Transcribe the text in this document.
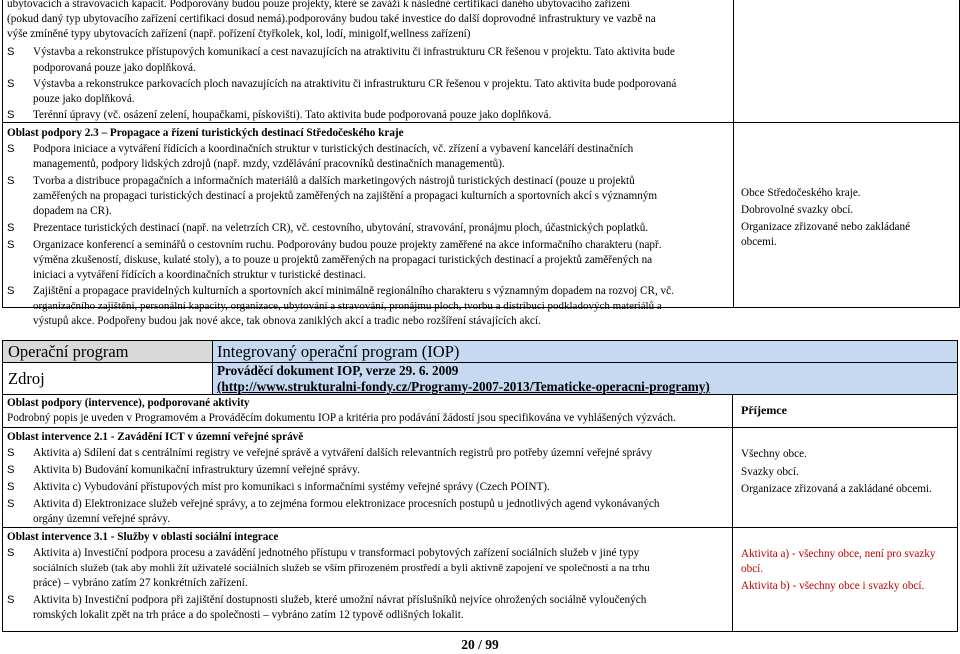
ubytovacích a stravovacích kapacit. Podporovány budou pouze projekty, které se zaváží k následné certifikaci daného ubytovacího zařízení
(pokud daný typ ubytovacího zařízení certifikaci dosud nemá).podporovány budou také investice do další doprovodné infrastruktury ve vazbě na
výše zmíněné typy ubytovacích zařízení (např. pořízení čtyřkolek, kol, lodí, minigolf,wellness zařízení)
S Výstavba a rekonstrukce přístupových komunikací a cest navazujících na atraktivitu či infrastrukturu CR řešenou v projektu. Tato aktivita bude
podporovaná pouze jako doplňková.
S Výstavba a rekonstrukce parkovacích ploch navazujících na atraktivitu či infrastrukturu CR řešenou v projektu. Tato aktivita bude podporovaná
pouze jako doplňková.
S Terénní úpravy (vč. osázení zelení, houpačkami, pískovišti). Tato aktivita bude podporovaná pouze jako doplňková.
Oblast podpory 2.3 – Propagace a řízení turistických destinací Středočeského kraje
S Podpora iniciace a vytváření řídících a koordinačních struktur v turistických destinacích, vč. zřízení a vybavení kanceláří destinačních
managementů, podpory lidských zdrojů (např. mzdy, vzdělávání pracovníků destinačních managementů).
S Tvorba a distribuce propagačních a informačních materiálů a dalších marketingových nástrojů turistických destinací (pouze u projektů
zaměřených na propagaci turistických destinací a projektů zaměřených na zajištění a propagaci kulturních a sportovních akcí s významným
dopadem na CR).
S Prezentace turistických destinací (např. na veletrzích CR), vč. cestovního, ubytování, stravování, pronájmu ploch, účastnických poplatků.
S Organizace konferencí a seminářů o cestovním ruchu. Podporovány budou pouze projekty zaměřené na akce informačního charakteru (např.
výměna zkušeností, diskuse, kulaté stoly), a to pouze u projektů zaměřených na propagaci turistických destinací a projektů zaměřených na
iniciaci a vytváření řídících a koordinačních struktur v turistické destinaci.
S Zajištění a propagace pravidelných kulturních a sportovních akcí minimálně regionálního charakteru s významným dopadem na rozvoj CR, vč.
organizačního zajištění, personální kapacity, organizace, ubytování a stravování, pronájmu ploch, tvorbu a distribuci podkladových materiálů a
výstupů akce. Podpořeny budou jak nové akce, tak obnova zaniklých akcí a tradic nebo rozšíření stávajících akcí.
Obce Středočeského kraje.
Dobrovolné svazky obcí.
Organizace zřizované nebo zakládané
obcemi.
Operační program	Integrovaný operační program (IOP)
Zdroj	Prováděcí dokument IOP, verze 29. 6. 2009
(http://www.strukturalni-fondy.cz/Programy-2007-2013/Tematicke-operacni-programy)
Oblast podpory (intervence), podporované aktivity
Podrobný popis je uveden v Programovém a Prováděcím dokumentu IOP a kritéria pro podávání žádostí jsou specifikována ve vyhlášených výzvách.
Příjemce
Oblast intervence 2.1 - Zavádění ICT v územní veřejné správě
S Aktivita a) Sdílení dat s centrálními registry ve veřejné správě a vytváření dalších relevantních registrů pro potřeby územní veřejné správy
S Aktivita b) Budování komunikační infrastruktury územní veřejné správy.
S Aktivita c) Vybudování přístupových míst pro komunikaci s informačními systémy veřejné správy (Czech POINT).
S Aktivita d) Elektronizace služeb veřejné správy, a to zejména formou elektronizace procesních postupů u jednotlivých agend vykonávaných
orgány územní veřejné správy.
Všechny obce.
Svazky obcí.
Organizace zřizovaná a zakládané obcemi.
Oblast intervence 3.1 - Služby v oblasti sociální integrace
S Aktivita a) Investiční podpora procesu a zavádění jednotného přístupu v transformaci pobytových zařízení sociálních služeb v jiné typy
sociálních služeb (tak aby mohli žít uživatelé sociálních služeb se vším přirozeném prostředí a byli aktivně zapojení ve společnosti a na trhu
práce) – vybráno zatím 27 konkrétních zařízení.
S Aktivita b) Investiční podpora při zajištění dostupnosti služeb, které umožní návrat příslušníků nejvíce ohrožených sociálně vyloučených
romských lokalit zpět na trh práce a do společnosti – vybráno zatím 12 typově odlišných lokalit.
Aktivita a) - všechny obce, není pro svazky
obcí.
Aktivita b) - všechny obce i svazky obcí.
20 / 99
